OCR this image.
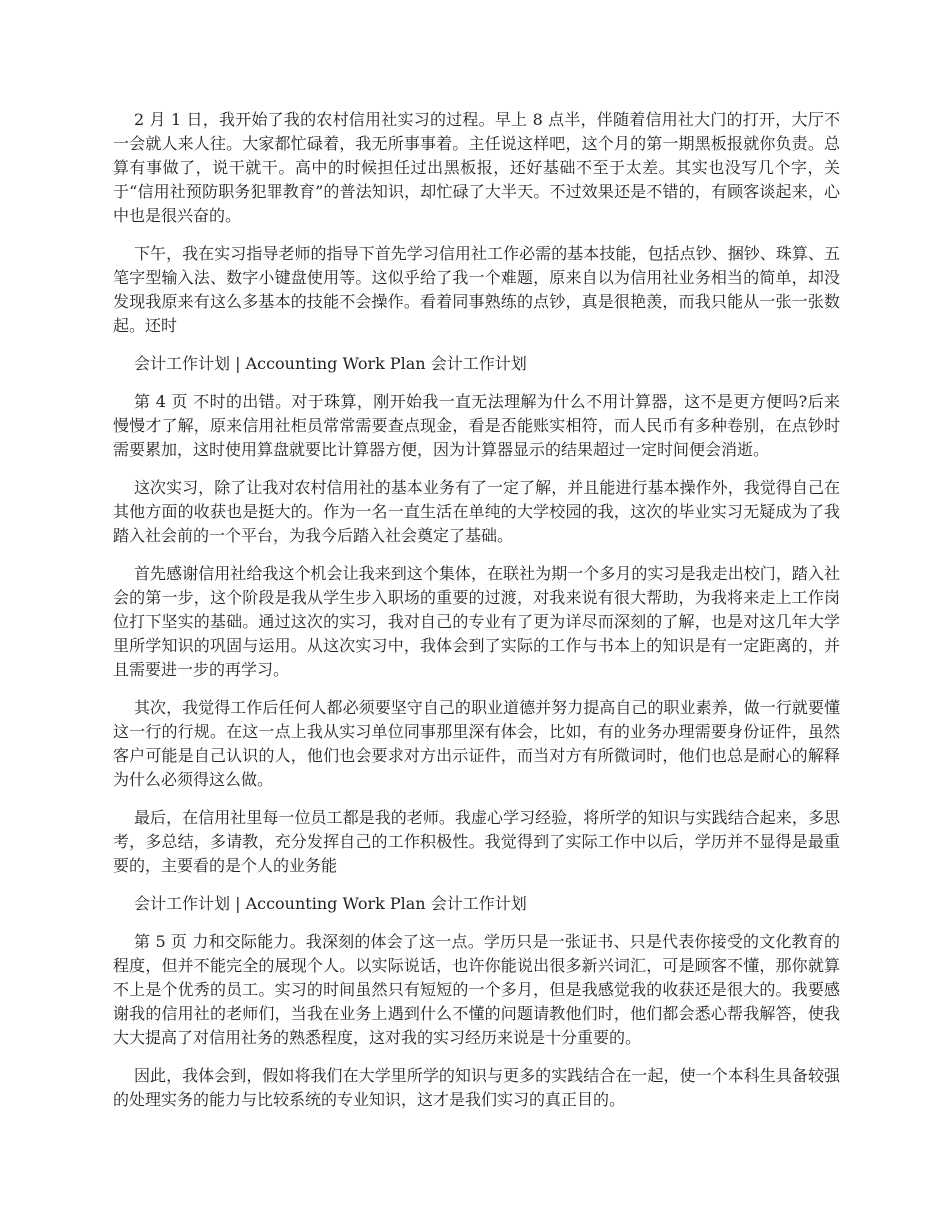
2 月 1 日，我开始了我的农村信用社实习的过程。早上 8 点半，伴随着信用社大门的打开，大厅不一会就人来人往。大家都忙碌着，我无所事事着。主任说这样吧，这个月的第一期黑板报就你负责。总算有事做了，说干就干。高中的时候担任过出黑板报，还好基础不至于太差。其实也没写几个字，关于“信用社预防职务犯罪教育”的普法知识，却忙碌了大半天。不过效果还是不错的，有顾客谈起来，心中也是很兴奋的。

下午，我在实习指导老师的指导下首先学习信用社工作必需的基本技能，包括点钞、捆钞、珠算、五笔字型输入法、数字小键盘使用等。这似乎给了我一个难题，原来自以为信用社业务相当的简单，却没发现我原来有这么多基本的技能不会操作。看着同事熟练的点钞，真是很艳羡，而我只能从一张一张数起。还时

会计工作计划 | Accounting Work Plan 会计工作计划

第 4 页 不时的出错。对于珠算，刚开始我一直无法理解为什么不用计算器，这不是更方便吗?后来慢慢才了解，原来信用社柜员常常需要查点现金，看是否能账实相符，而人民币有多种卷别，在点钞时需要累加，这时使用算盘就要比计算器方便，因为计算器显示的结果超过一定时间便会消逝。

这次实习，除了让我对农村信用社的基本业务有了一定了解，并且能进行基本操作外，我觉得自己在其他方面的收获也是挺大的。作为一名一直生活在单纯的大学校园的我，这次的毕业实习无疑成为了我踏入社会前的一个平台，为我今后踏入社会奠定了基础。

首先感谢信用社给我这个机会让我来到这个集体，在联社为期一个多月的实习是我走出校门，踏入社会的第一步，这个阶段是我从学生步入职场的重要的过渡，对我来说有很大帮助，为我将来走上工作岗位打下坚实的基础。通过这次的实习，我对自己的专业有了更为详尽而深刻的了解，也是对这几年大学里所学知识的巩固与运用。从这次实习中，我体会到了实际的工作与书本上的知识是有一定距离的，并且需要进一步的再学习。

其次，我觉得工作后任何人都必须要坚守自己的职业道德并努力提高自己的职业素养，做一行就要懂这一行的行规。在这一点上我从实习单位同事那里深有体会，比如，有的业务办理需要身份证件，虽然客户可能是自己认识的人，他们也会要求对方出示证件，而当对方有所微词时，他们也总是耐心的解释为什么必须得这么做。

最后，在信用社里每一位员工都是我的老师。我虚心学习经验，将所学的知识与实践结合起来，多思考，多总结，多请教，充分发挥自己的工作积极性。我觉得到了实际工作中以后，学历并不显得是最重要的，主要看的是个人的业务能

会计工作计划 | Accounting Work Plan 会计工作计划

第 5 页 力和交际能力。我深刻的体会了这一点。学历只是一张证书、只是代表你接受的文化教育的程度，但并不能完全的展现个人。以实际说话，也许你能说出很多新兴词汇，可是顾客不懂，那你就算不上是个优秀的员工。实习的时间虽然只有短短的一个多月，但是我感觉我的收获还是很大的。我要感谢我的信用社的老师们，当我在业务上遇到什么不懂的问题请教他们时，他们都会悉心帮我解答，使我大大提高了对信用社务的熟悉程度，这对我的实习经历来说是十分重要的。

因此，我体会到，假如将我们在大学里所学的知识与更多的实践结合在一起，使一个本科生具备较强的处理实务的能力与比较系统的专业知识，这才是我们实习的真正目的。
